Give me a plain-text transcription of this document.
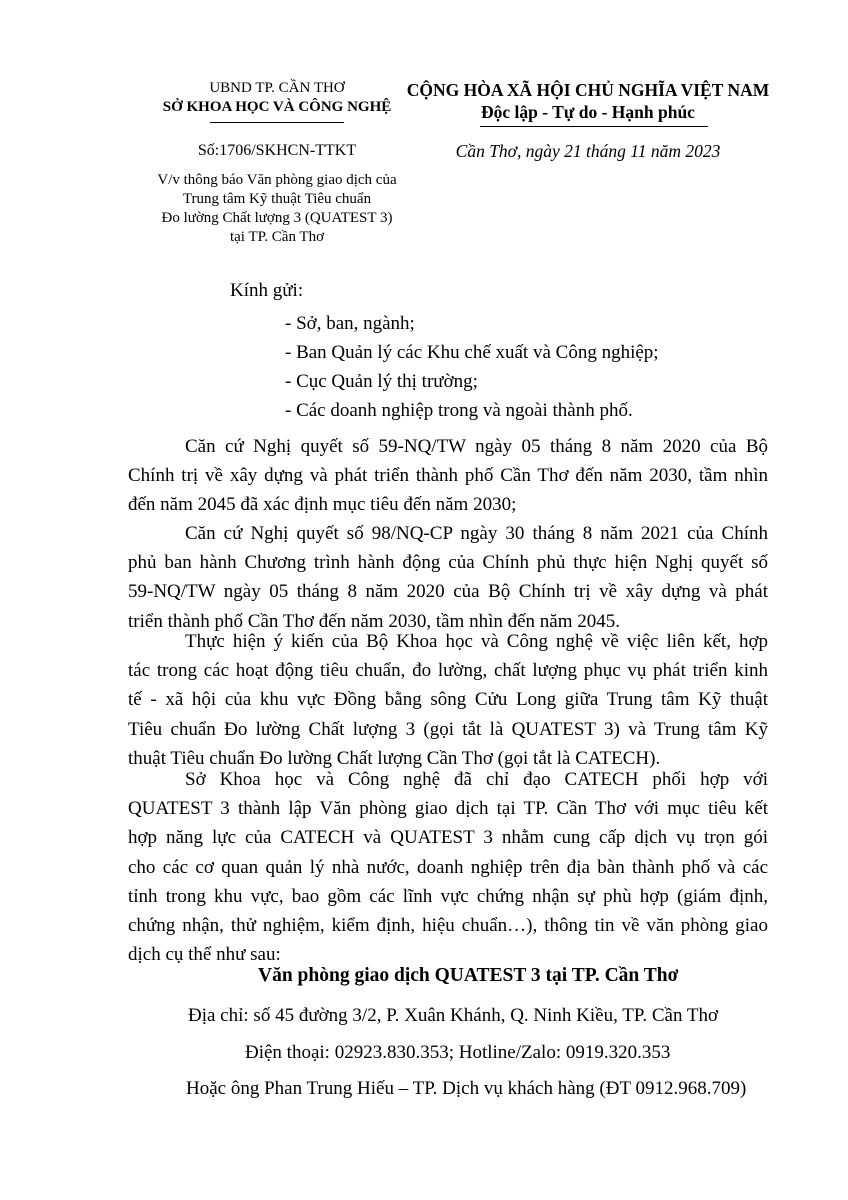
UBND TP. CẦN THƠ
SỞ KHOA HỌC VÀ CÔNG NGHỆ
CỘNG HÒA XÃ HỘI CHỦ NGHĨA VIỆT NAM
Độc lập - Tự do - Hạnh phúc
Số:1706/SKHCN-TTKT	Cần Thơ, ngày 21 tháng 11 năm 2023
V/v thông báo Văn phòng giao dịch của
Trung tâm Kỹ thuật Tiêu chuẩn
Đo lường Chất lượng 3 (QUATEST 3)
tại TP. Cần Thơ
Kính gửi:
- Sở, ban, ngành;
- Ban Quản lý các Khu chế xuất và Công nghiệp;
- Cục Quản lý thị trường;
- Các doanh nghiệp trong và ngoài thành phố.
Căn cứ Nghị quyết số 59-NQ/TW ngày 05 tháng 8 năm 2020 của Bộ
Chính trị về xây dựng và phát triển thành phố Cần Thơ đến năm 2030, tầm nhìn
đến năm 2045 đã xác định mục tiêu đến năm 2030;
Căn cứ Nghị quyết số 98/NQ-CP ngày 30 tháng 8 năm 2021 của Chính
phủ ban hành Chương trình hành động của Chính phủ thực hiện Nghị quyết số
59-NQ/TW ngày 05 tháng 8 năm 2020 của Bộ Chính trị về xây dựng và phát
triển thành phố Cần Thơ đến năm 2030, tầm nhìn đến năm 2045.
Thực hiện ý kiến của Bộ Khoa học và Công nghệ về việc liên kết, hợp
tác trong các hoạt động tiêu chuẩn, đo lường, chất lượng phục vụ phát triển kinh
tế - xã hội của khu vực Đồng bằng sông Cửu Long giữa Trung tâm Kỹ thuật
Tiêu chuẩn Đo lường Chất lượng 3 (gọi tắt là QUATEST 3) và Trung tâm Kỹ
thuật Tiêu chuẩn Đo lường Chất lượng Cần Thơ (gọi tắt là CATECH).
Sở Khoa học và Công nghệ đã chỉ đạo CATECH phối hợp với
QUATEST 3 thành lập Văn phòng giao dịch tại TP. Cần Thơ với mục tiêu kết
hợp năng lực của CATECH và QUATEST 3 nhằm cung cấp dịch vụ trọn gói
cho các cơ quan quản lý nhà nước, doanh nghiệp trên địa bàn thành phố và các
tỉnh trong khu vực, bao gồm các lĩnh vực chứng nhận sự phù hợp (giám định,
chứng nhận, thử nghiệm, kiểm định, hiệu chuẩn…), thông tin về văn phòng giao
dịch cụ thể như sau:
Văn phòng giao dịch QUATEST 3 tại TP. Cần Thơ
Địa chỉ: số 45 đường 3/2, P. Xuân Khánh, Q. Ninh Kiều, TP. Cần Thơ
Điện thoại: 02923.830.353; Hotline/Zalo: 0919.320.353
Hoặc ông Phan Trung Hiếu – TP. Dịch vụ khách hàng (ĐT 0912.968.709)
